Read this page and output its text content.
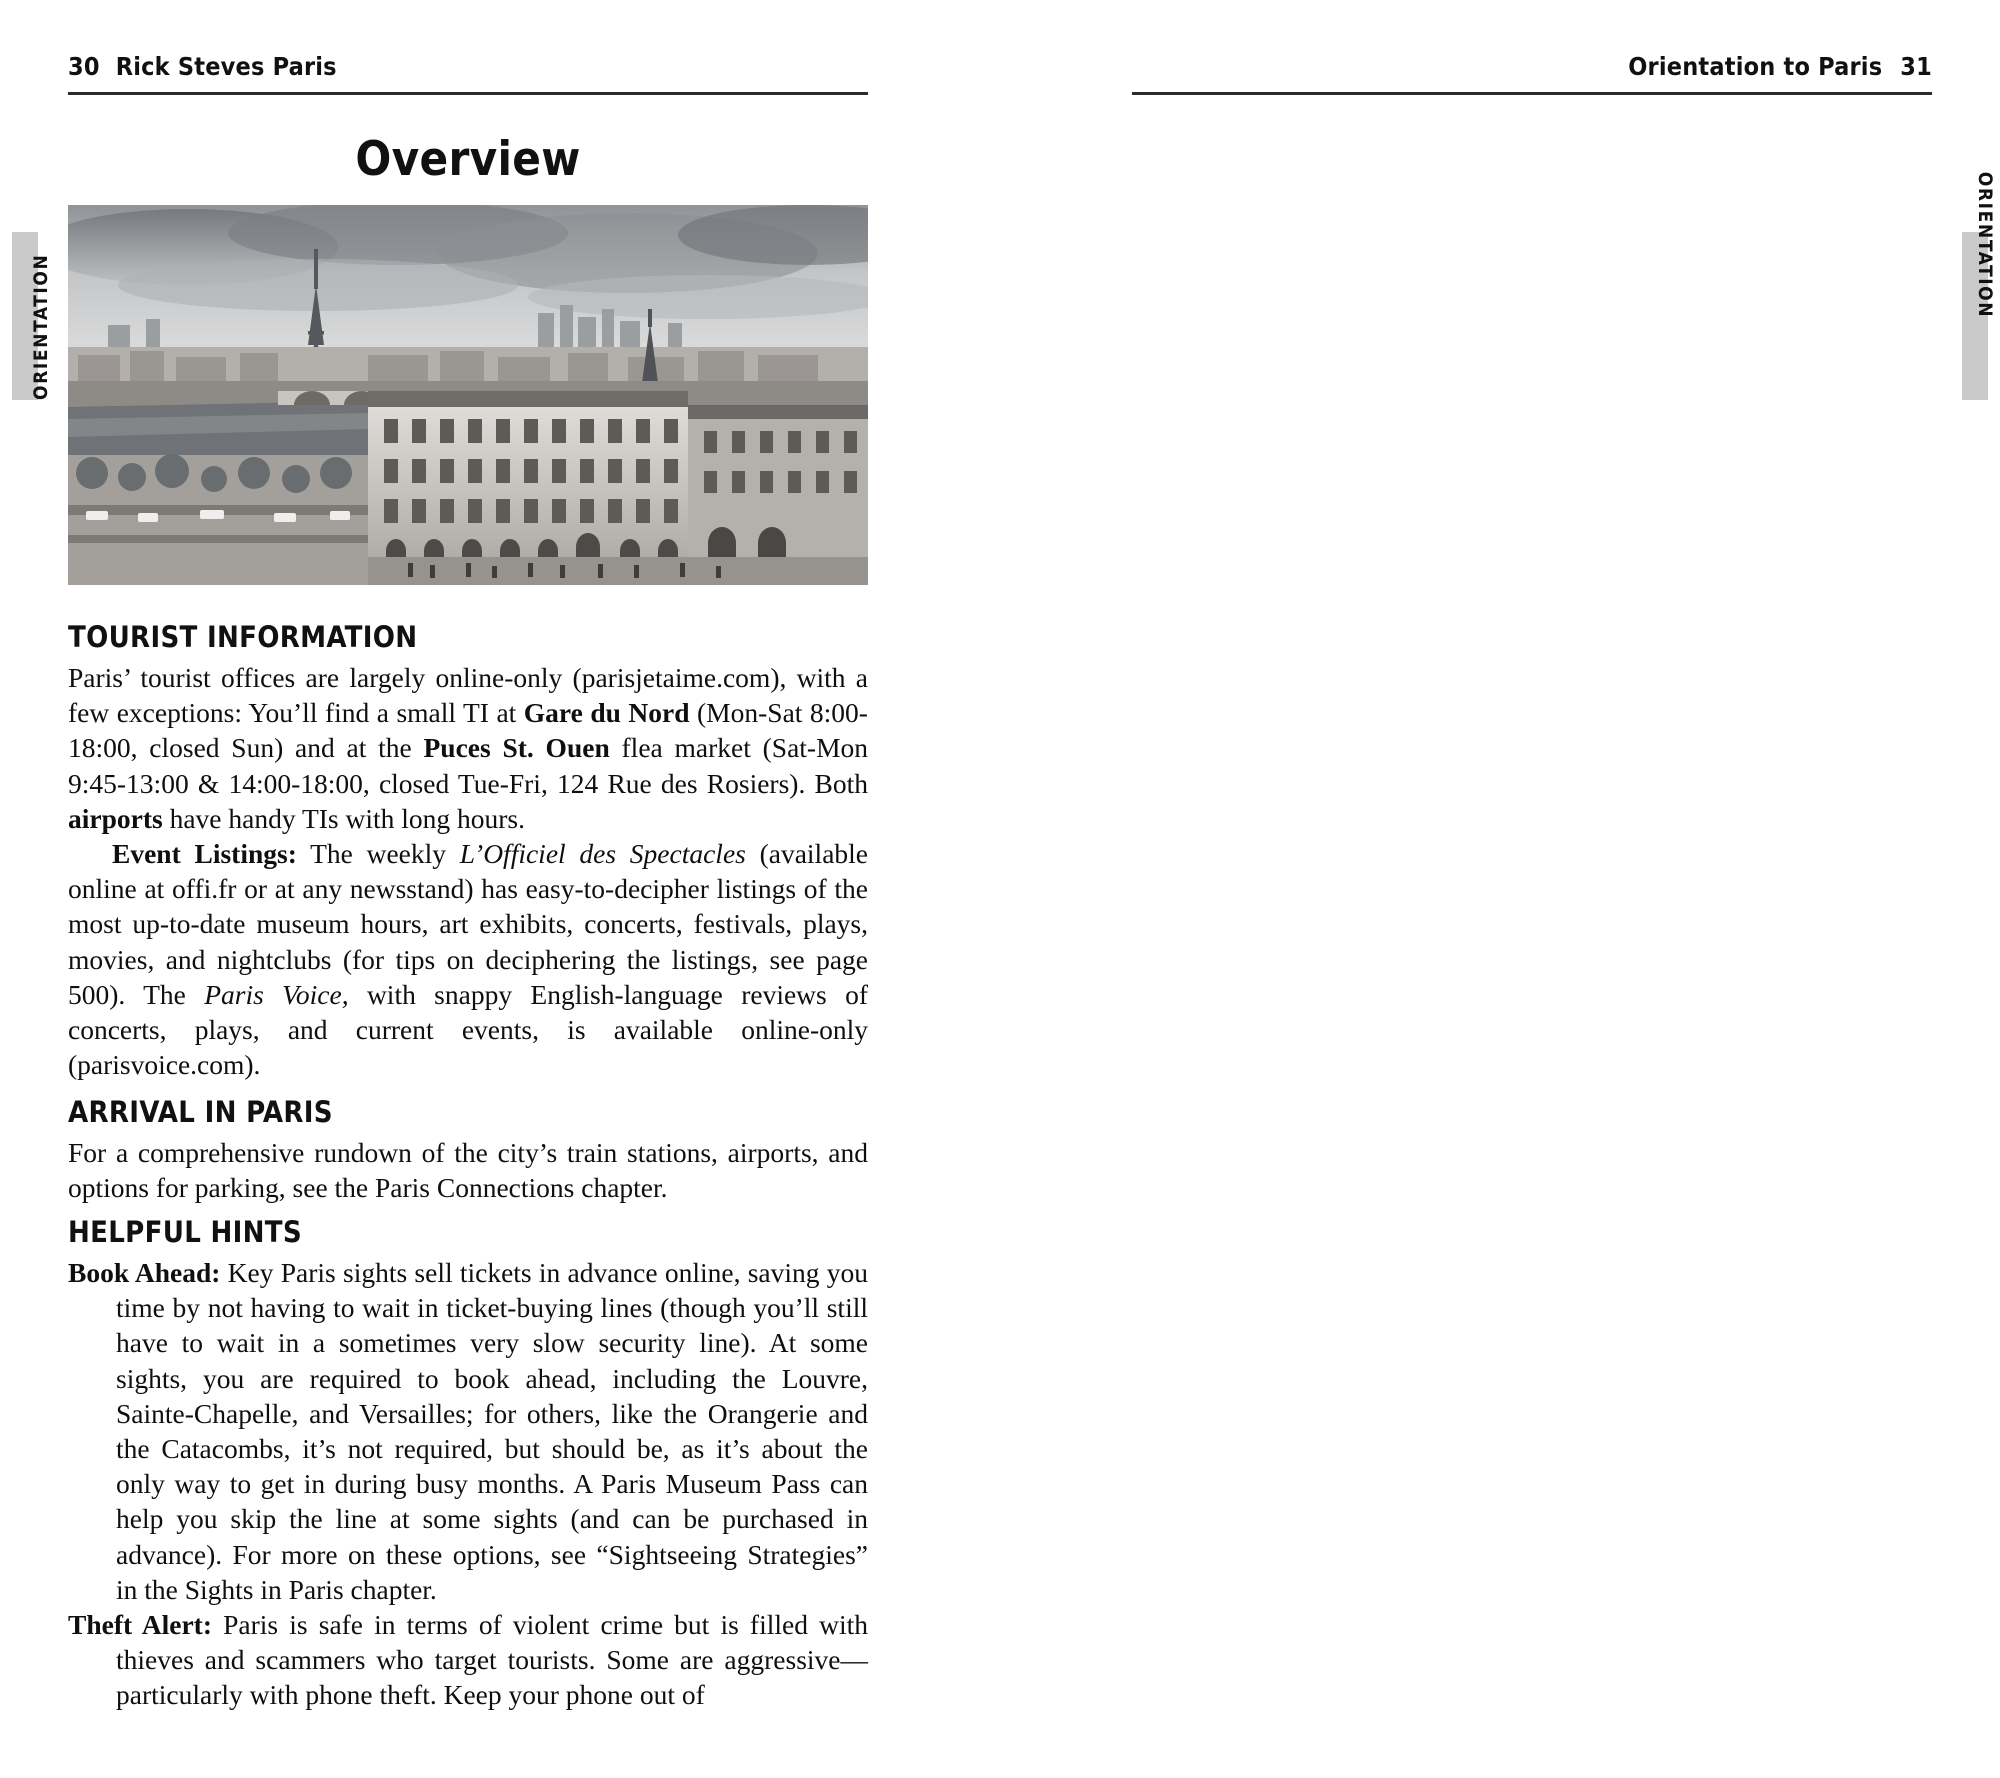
ORIENTATION
30 Rick Steves Paris
Overview
TOURIST INFORMATION

Paris’ tourist offices are largely online-only (parisjetaime.com), with a few exceptions: You’ll find a small TI at Gare du Nord (Mon-Sat 8:00-18:00, closed Sun) and at the Puces St. Ouen flea market (Sat-Mon 9:45-13:00 & 14:00-18:00, closed Tue-Fri, 124 Rue des Rosiers). Both airports have handy TIs with long hours.

Event Listings: The weekly L’Officiel des Spectacles (available online at offi.fr or at any newsstand) has easy-to-decipher listings of the most up-to-date museum hours, art exhibits, concerts, festivals, plays, movies, and nightclubs (for tips on deciphering the listings, see page 500). The Paris Voice, with snappy English-language reviews of concerts, plays, and current events, is available online-only (parisvoice.com).

ARRIVAL IN PARIS

For a comprehensive rundown of the city’s train stations, airports, and options for parking, see the Paris Connections chapter.

HELPFUL HINTS

Book Ahead: Key Paris sights sell tickets in advance online, saving you time by not having to wait in ticket-buying lines (though you’ll still have to wait in a sometimes very slow security line). At some sights, you are required to book ahead, including the Louvre, Sainte-Chapelle, and Versailles; for others, like the Orangerie and the Catacombs, it’s not required, but should be, as it’s about the only way to get in during busy months. A Paris Museum Pass can help you skip the line at some sights (and can be purchased in advance). For more on these options, see “Sightseeing Strategies” in the Sights in Paris chapter.

Theft Alert: Paris is safe in terms of violent crime but is filled with thieves and scammers who target tourists. Some are aggressive—particularly with phone theft. Keep your phone out of

ORIENTATION
Orientation to Paris 31
